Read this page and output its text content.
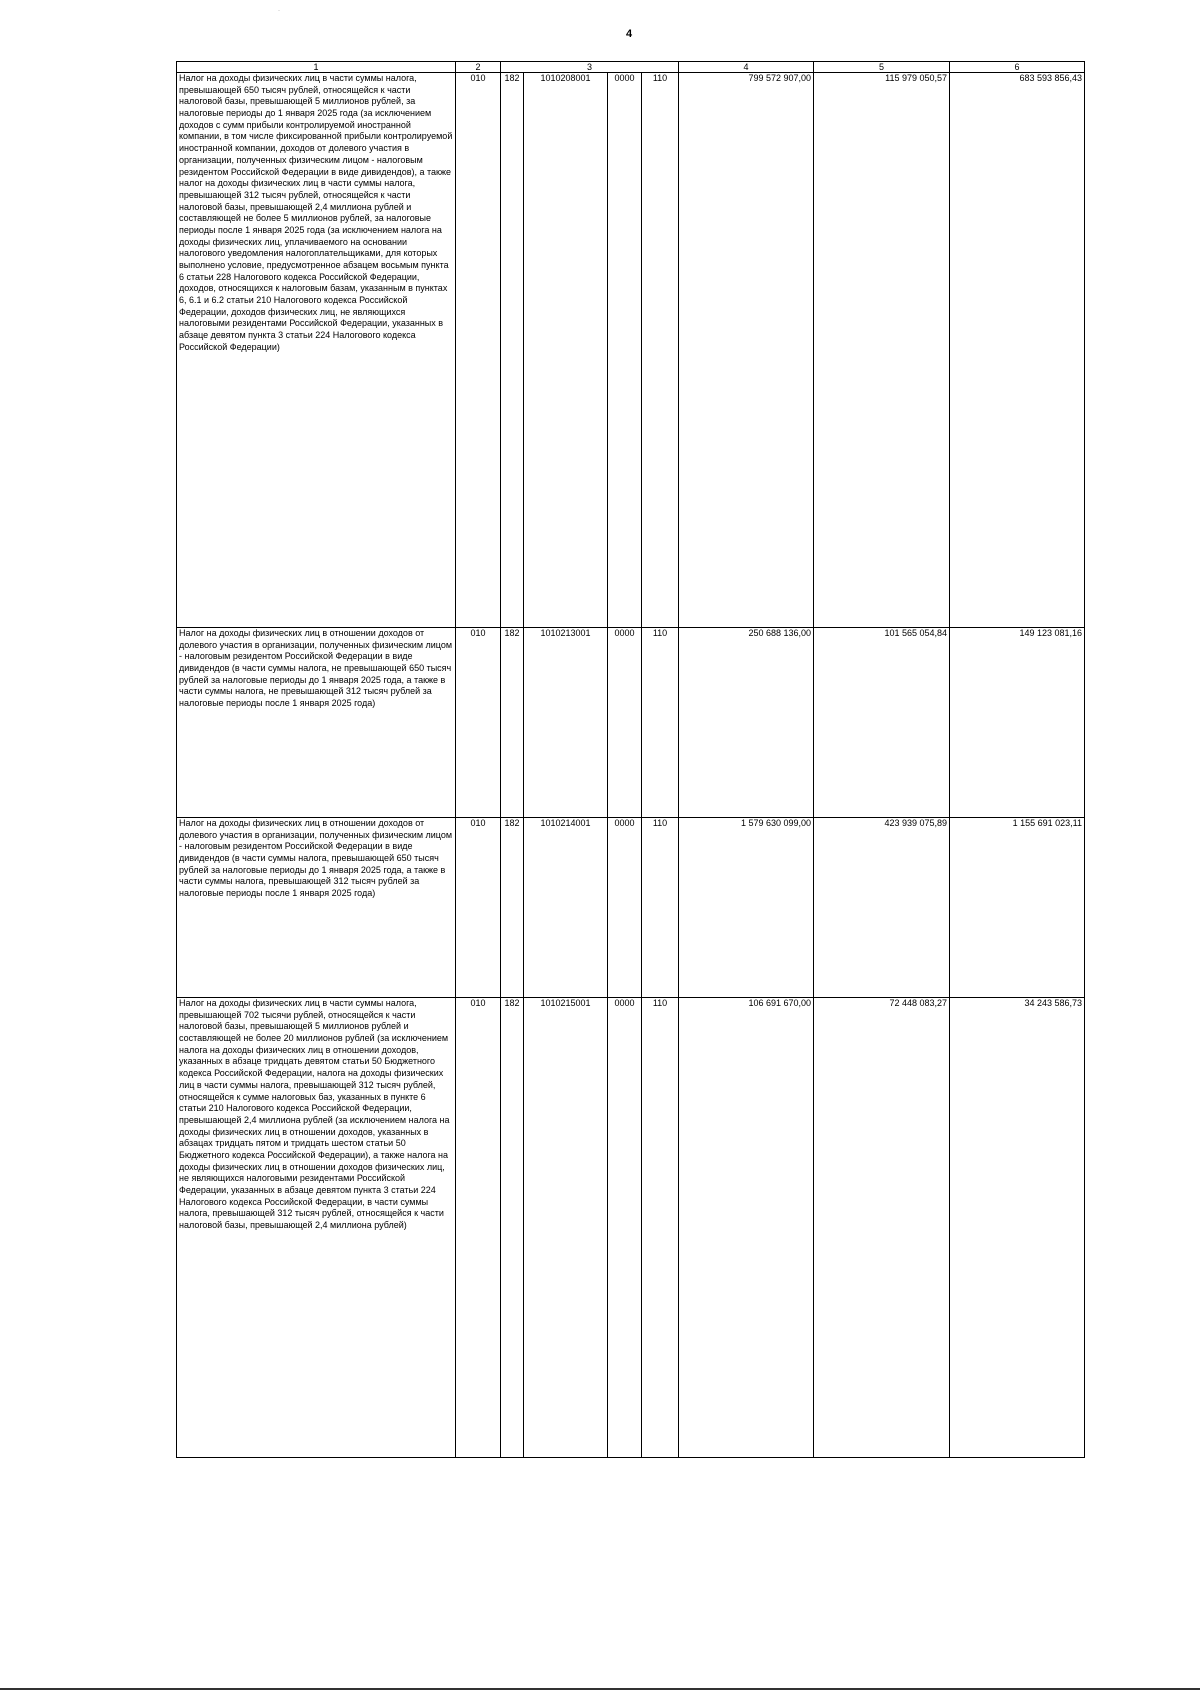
4
·
1	2	3				4	5	6
Налог на доходы физических лиц в части суммы налога, превышающей 650 тысяч рублей, относящейся к части налоговой базы, превышающей 5 миллионов рублей, за налоговые периоды до 1 января 2025 года (за исключением доходов с сумм прибыли контролируемой иностранной компании, в том числе фиксированной прибыли контролируемой иностранной компании, доходов от долевого участия в организации, полученных физическим лицом - налоговым резидентом Российской Федерации в виде дивидендов), а также налог на доходы физических лиц в части суммы налога, превышающей 312 тысяч рублей, относящейся к части налоговой базы, превышающей 2,4 миллиона рублей и составляющей не более 5 миллионов рублей, за налоговые периоды после 1 января 2025 года (за исключением налога на доходы физических лиц, уплачиваемого на основании налогового уведомления налогоплательщиками, для которых выполнено условие, предусмотренное абзацем восьмым пункта 6 статьи 228 Налогового кодекса Российской Федерации, доходов, относящихся к налоговым базам, указанным в пунктах 6, 6.1 и 6.2 статьи 210 Налогового кодекса Российской Федерации, доходов физических лиц, не являющихся налоговыми резидентами Российской Федерации, указанных в абзаце девятом пункта 3 статьи 224 Налогового кодекса Российской Федерации)	010	182	1010208001	0000	110	799 572 907,00	115 979 050,57	683 593 856,43
Налог на доходы физических лиц в отношении доходов от долевого участия в организации, полученных физическим лицом - налоговым резидентом Российской Федерации в виде дивидендов (в части суммы налога, не превышающей 650 тысяч рублей за налоговые периоды до 1 января 2025 года, а также в части суммы налога, не превышающей 312 тысяч рублей за налоговые периоды после 1 января 2025 года)	010	182	1010213001	0000	110	250 688 136,00	101 565 054,84	149 123 081,16
Налог на доходы физических лиц в отношении доходов от долевого участия в организации, полученных физическим лицом - налоговым резидентом Российской Федерации в виде дивидендов (в части суммы налога, превышающей 650 тысяч рублей за налоговые периоды до 1 января 2025 года, а также в части суммы налога, превышающей 312 тысяч рублей за налоговые периоды после 1 января 2025 года)	010	182	1010214001	0000	110	1 579 630 099,00	423 939 075,89	1 155 691 023,11
Налог на доходы физических лиц в части суммы налога, превышающей 702 тысячи рублей, относящейся к части налоговой базы, превышающей 5 миллионов рублей и составляющей не более 20 миллионов рублей (за исключением налога на доходы физических лиц в отношении доходов, указанных в абзаце тридцать девятом статьи 50 Бюджетного кодекса Российской Федерации, налога на доходы физических лиц в части суммы налога, превышающей 312 тысяч рублей, относящейся к сумме налоговых баз, указанных в пункте 6 статьи 210 Налогового кодекса Российской Федерации, превышающей 2,4 миллиона рублей (за исключением налога на доходы физических лиц в отношении доходов, указанных в абзацах тридцать пятом и тридцать шестом статьи 50 Бюджетного кодекса Российской Федерации), а также налога на доходы физических лиц в отношении доходов физических лиц, не являющихся налоговыми резидентами Российской Федерации, указанных в абзаце девятом пункта 3 статьи 224 Налогового кодекса Российской Федерации, в части суммы налога, превышающей 312 тысяч рублей, относящейся к части налоговой базы, превышающей 2,4 миллиона рублей)	010	182	1010215001	0000	110	106 691 670,00	72 448 083,27	34 243 586,73
